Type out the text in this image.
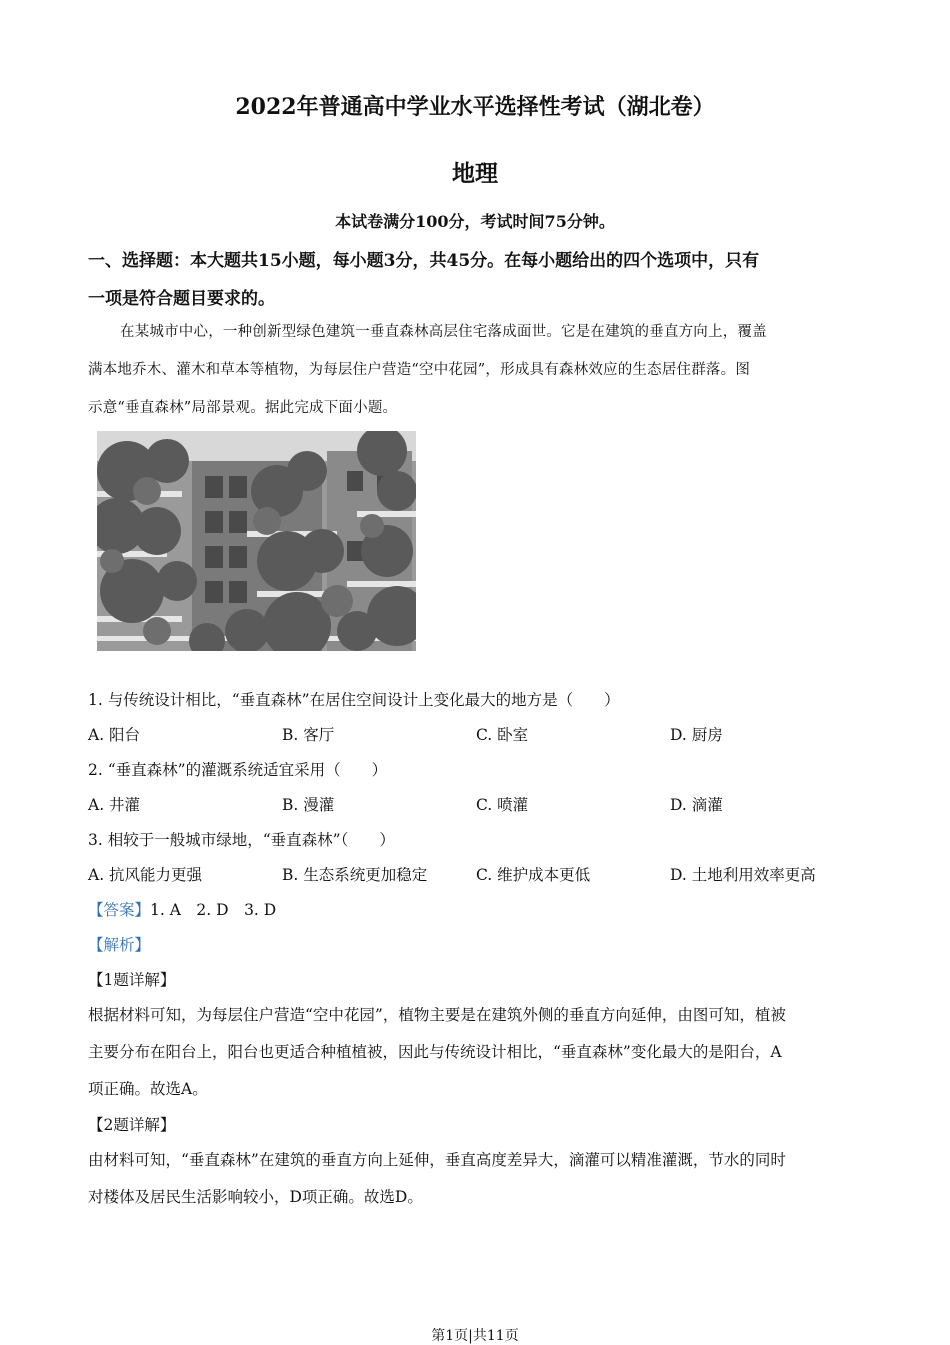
2022年普通高中学业水平选择性考试（湖北卷）
地理
本试卷满分100分，考试时间75分钟。
一、选择题：本大题共15小题，每小题3分，共45分。在每小题给出的四个选项中，只有
一项是符合题目要求的。
在某城市中心，一种创新型绿色建筑一垂直森林高层住宅落成面世。它是在建筑的垂直方向上，覆盖
满本地乔木、灌木和草本等植物，为每层住户营造“空中花园”，形成具有森林效应的生态居住群落。图
示意“垂直森林”局部景观。据此完成下面小题。
1. 与传统设计相比，“垂直森林”在居住空间设计上变化最大的地方是（　　）
A. 阳台	B. 客厅	C. 卧室	D. 厨房
2. “垂直森林”的灌溉系统适宜采用（　　）
A. 井灌	B. 漫灌	C. 喷灌	D. 滴灌
3. 相较于一般城市绿地，“垂直森林”（　　）
A. 抗风能力更强	B. 生态系统更加稳定	C. 维护成本更低	D. 土地利用效率更高
【答案】1. A　2. D　3. D
【解析】
【1题详解】
根据材料可知，为每层住户营造“空中花园”，植物主要是在建筑外侧的垂直方向延伸，由图可知，植被
主要分布在阳台上，阳台也更适合种植植被，因此与传统设计相比，“垂直森林”变化最大的是阳台，A
项正确。故选A。
【2题详解】
由材料可知，“垂直森林”在建筑的垂直方向上延伸，垂直高度差异大，滴灌可以精准灌溉，节水的同时
对楼体及居民生活影响较小，D项正确。故选D。
第1页|共11页
